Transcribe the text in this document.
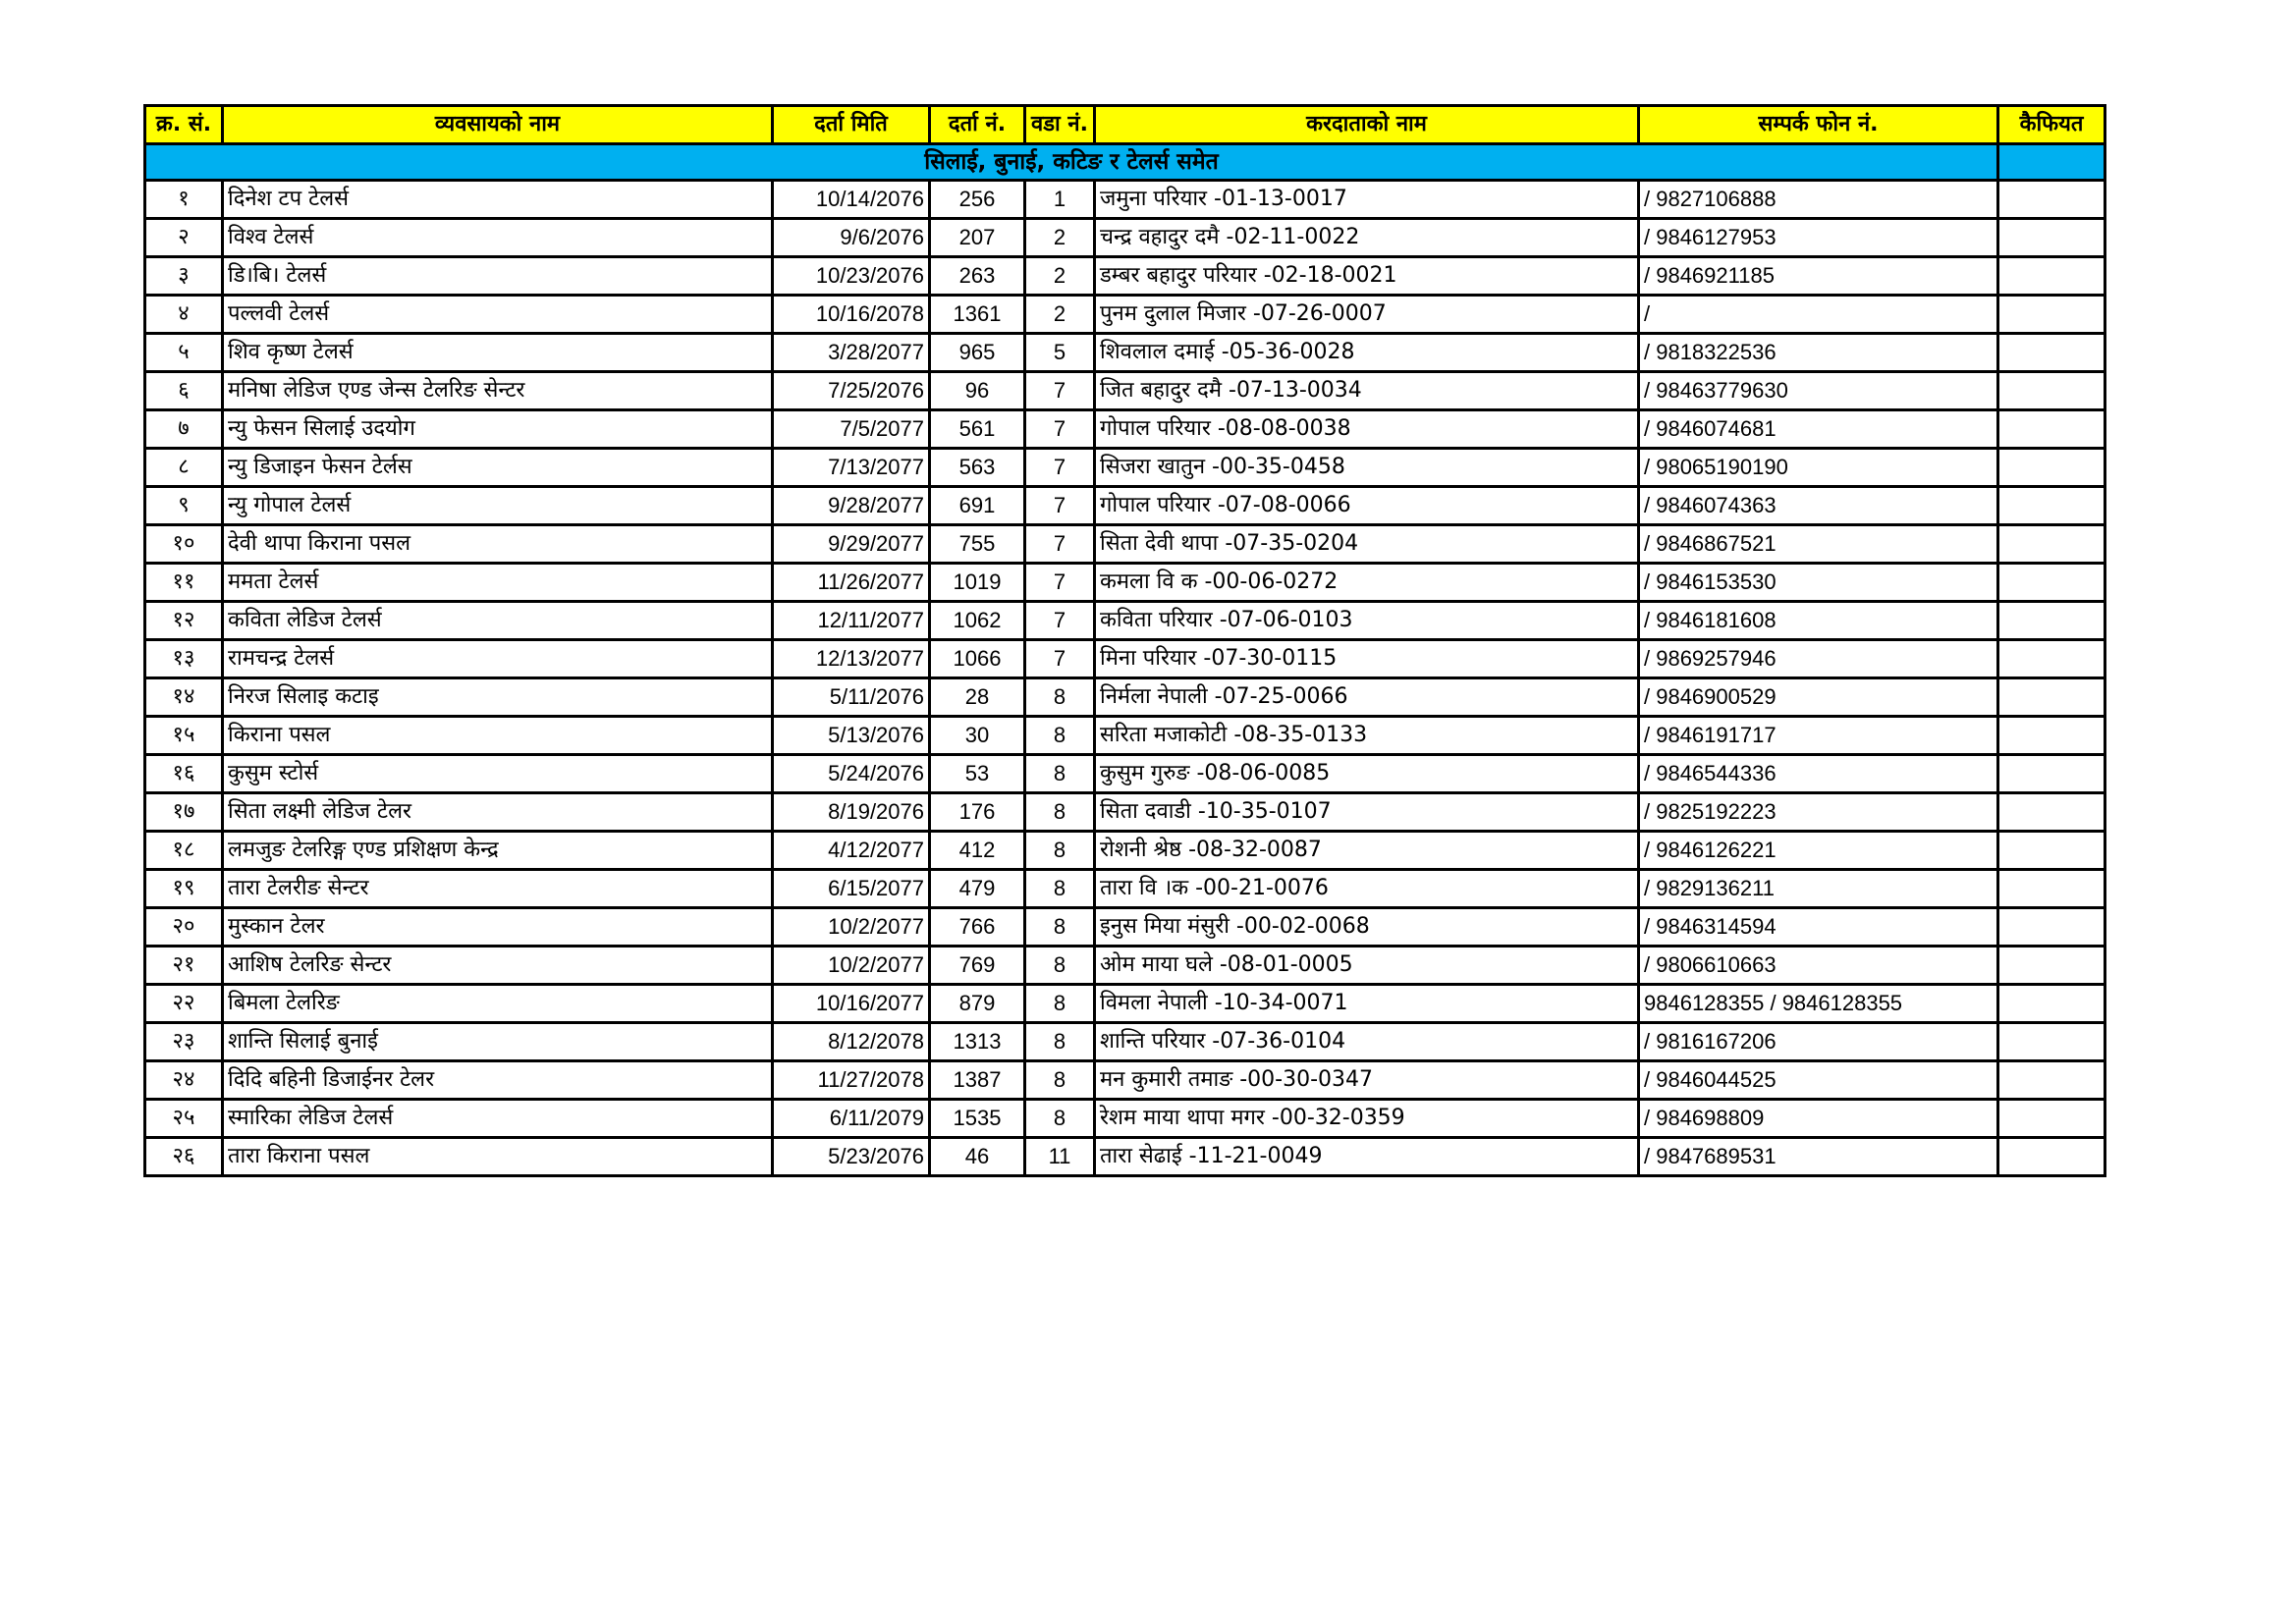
क्र. सं.	व्यवसायको नाम	दर्ता मिति	दर्ता नं.	वडा नं.	करदाताको नाम	सम्पर्क फोन नं.	कैफियत
सिलाई, बुनाई, कटिङ र टेलर्स समेत							
१	दिनेश टप टेलर्स	10/14/2076	256	1	जमुना परियार -01-13-0017	/ 9827106888	
२	विश्व टेलर्स	9/6/2076	207	2	चन्द्र वहादुर दमै -02-11-0022	/ 9846127953	
३	डि।बि। टेलर्स	10/23/2076	263	2	डम्बर बहादुर परियार -02-18-0021	/ 9846921185	
४	पल्लवी टेलर्स	10/16/2078	1361	2	पुनम दुलाल मिजार -07-26-0007	/	
५	शिव कृष्ण टेलर्स	3/28/2077	965	5	शिवलाल दमाई -05-36-0028	/ 9818322536	
६	मनिषा लेडिज एण्ड जेन्स टेलरिङ सेन्टर	7/25/2076	96	7	जित बहादुर दमै -07-13-0034	/ 98463779630	
७	न्यु फेसन सिलाई उदयोग	7/5/2077	561	7	गोपाल परियार -08-08-0038	/ 9846074681	
८	न्यु डिजाइन फेसन टेर्लस	7/13/2077	563	7	सिजरा खातुन -00-35-0458	/ 98065190190	
९	न्यु गोपाल टेलर्स	9/28/2077	691	7	गोपाल परियार -07-08-0066	/ 9846074363	
१०	देवी थापा किराना पसल	9/29/2077	755	7	सिता देवी थापा -07-35-0204	/ 9846867521	
११	ममता टेलर्स	11/26/2077	1019	7	कमला वि क -00-06-0272	/ 9846153530	
१२	कविता लेडिज टेलर्स	12/11/2077	1062	7	कविता परियार -07-06-0103	/ 9846181608	
१३	रामचन्द्र टेलर्स	12/13/2077	1066	7	मिना परियार -07-30-0115	/ 9869257946	
१४	निरज सिलाइ कटाइ	5/11/2076	28	8	निर्मला नेपाली -07-25-0066	/ 9846900529	
१५	किराना पसल	5/13/2076	30	8	सरिता मजाकोटी -08-35-0133	/ 9846191717	
१६	कुसुम स्टोर्स	5/24/2076	53	8	कुसुम गुरुङ -08-06-0085	/ 9846544336	
१७	सिता लक्ष्मी लेडिज टेलर	8/19/2076	176	8	सिता दवाडी -10-35-0107	/ 9825192223	
१८	लमजुङ टेलरिङ्ग एण्ड प्रशिक्षण केन्द्र	4/12/2077	412	8	रोशनी श्रेष्ठ -08-32-0087	/ 9846126221	
१९	तारा टेलरीङ सेन्टर	6/15/2077	479	8	तारा वि ।क -00-21-0076	/ 9829136211	
२०	मुस्कान टेलर	10/2/2077	766	8	इनुस मिया मंसुरी -00-02-0068	/ 9846314594	
२१	आशिष टेलरिङ सेन्टर	10/2/2077	769	8	ओम माया घले -08-01-0005	/ 9806610663	
२२	बिमला टेलरिङ	10/16/2077	879	8	विमला नेपाली -10-34-0071	9846128355 / 9846128355	
२३	शान्ति सिलाई बुनाई	8/12/2078	1313	8	शान्ति परियार -07-36-0104	/ 9816167206	
२४	दिदि बहिनी डिजाईनर टेलर	11/27/2078	1387	8	मन कुमारी तमाङ -00-30-0347	/ 9846044525	
२५	स्मारिका लेडिज टेलर्स	6/11/2079	1535	8	रेशम माया थापा मगर -00-32-0359	/ 984698809	
२६	तारा किराना पसल	5/23/2076	46	11	तारा सेढाई -11-21-0049	/ 9847689531	
